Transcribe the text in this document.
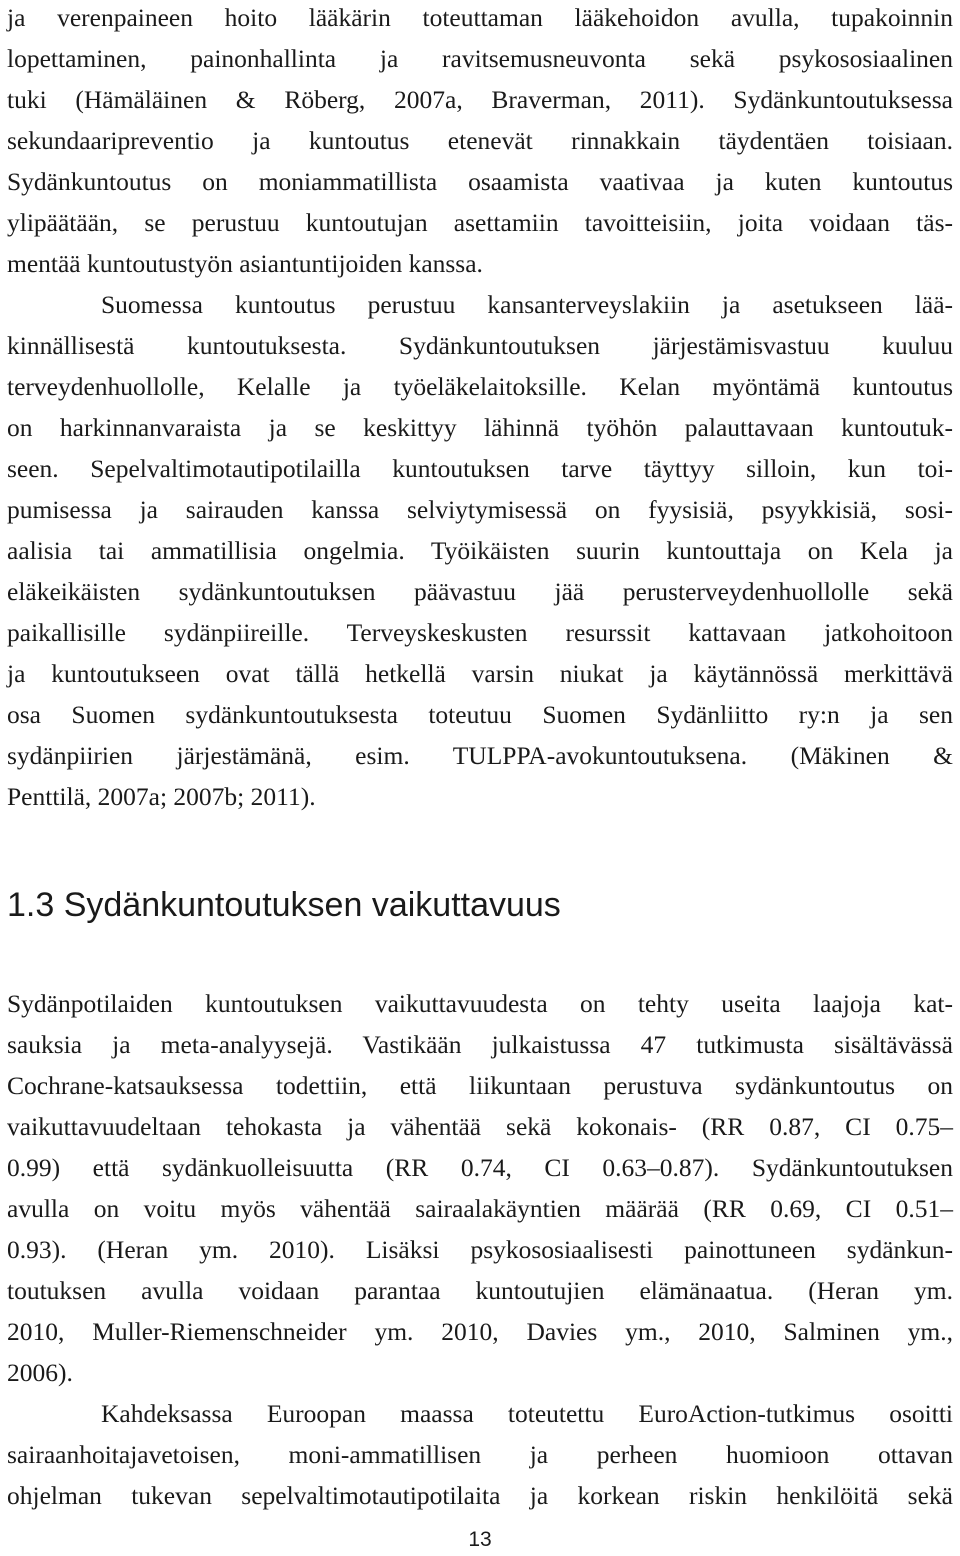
ja verenpaineen hoito lääkärin toteuttaman lääkehoidon avulla, tupakoinnin
lopettaminen, painonhallinta ja ravitsemusneuvonta sekä psykososiaalinen
tuki (Hämäläinen & Röberg, 2007a, Braverman, 2011). Sydänkuntoutuksessa
sekundaaripreventio ja kuntoutus etenevät rinnakkain täydentäen toisiaan.
Sydänkuntoutus on moniammatillista osaamista vaativaa ja kuten kuntoutus
ylipäätään, se perustuu kuntoutujan asettamiin tavoitteisiin, joita voidaan täs-
mentää kuntoutustyön asiantuntijoiden kanssa.
Suomessa kuntoutus perustuu kansanterveyslakiin ja asetukseen lää-
kinnällisestä kuntoutuksesta. Sydänkuntoutuksen järjestämisvastuu kuuluu
terveydenhuollolle, Kelalle ja työeläkelaitoksille. Kelan myöntämä kuntoutus
on harkinnanvaraista ja se keskittyy lähinnä työhön palauttavaan kuntoutuk-
seen. Sepelvaltimotautipotilailla kuntoutuksen tarve täyttyy silloin, kun toi-
pumisessa ja sairauden kanssa selviytymisessä on fyysisiä, psyykkisiä, sosi-
aalisia tai ammatillisia ongelmia. Työikäisten suurin kuntouttaja on Kela ja
eläkeikäisten sydänkuntoutuksen päävastuu jää perusterveydenhuollolle sekä
paikallisille sydänpiireille. Terveyskeskusten resurssit kattavaan jatkohoitoon
ja kuntoutukseen ovat tällä hetkellä varsin niukat ja käytännössä merkittävä
osa Suomen sydänkuntoutuksesta toteutuu Suomen Sydänliitto ry:n ja sen
sydänpiirien järjestämänä, esim. TULPPA-avokuntoutuksena. (Mäkinen &
Penttilä, 2007a; 2007b; 2011).
1.3 Sydänkuntoutuksen vaikuttavuus
Sydänpotilaiden kuntoutuksen vaikuttavuudesta on tehty useita laajoja kat-
sauksia ja meta-analyysejä. Vastikään julkaistussa 47 tutkimusta sisältävässä
Cochrane-katsauksessa todettiin, että liikuntaan perustuva sydänkuntoutus on
vaikuttavuudeltaan tehokasta ja vähentää sekä kokonais- (RR 0.87, CI 0.75–
0.99) että sydänkuolleisuutta (RR 0.74, CI 0.63–0.87). Sydänkuntoutuksen
avulla on voitu myös vähentää sairaalakäyntien määrää (RR 0.69, CI 0.51–
0.93). (Heran ym. 2010). Lisäksi psykososiaalisesti painottuneen sydänkun-
toutuksen avulla voidaan parantaa kuntoutujien elämänaatua. (Heran ym.
2010, Muller-Riemenschneider ym. 2010, Davies ym., 2010, Salminen ym.,
2006).
Kahdeksassa Euroopan maassa toteutettu EuroAction-tutkimus osoitti
sairaanhoitajavetoisen, moni-ammatillisen ja perheen huomioon ottavan
ohjelman tukevan sepelvaltimotautipotilaita ja korkean riskin henkilöitä sekä
13
